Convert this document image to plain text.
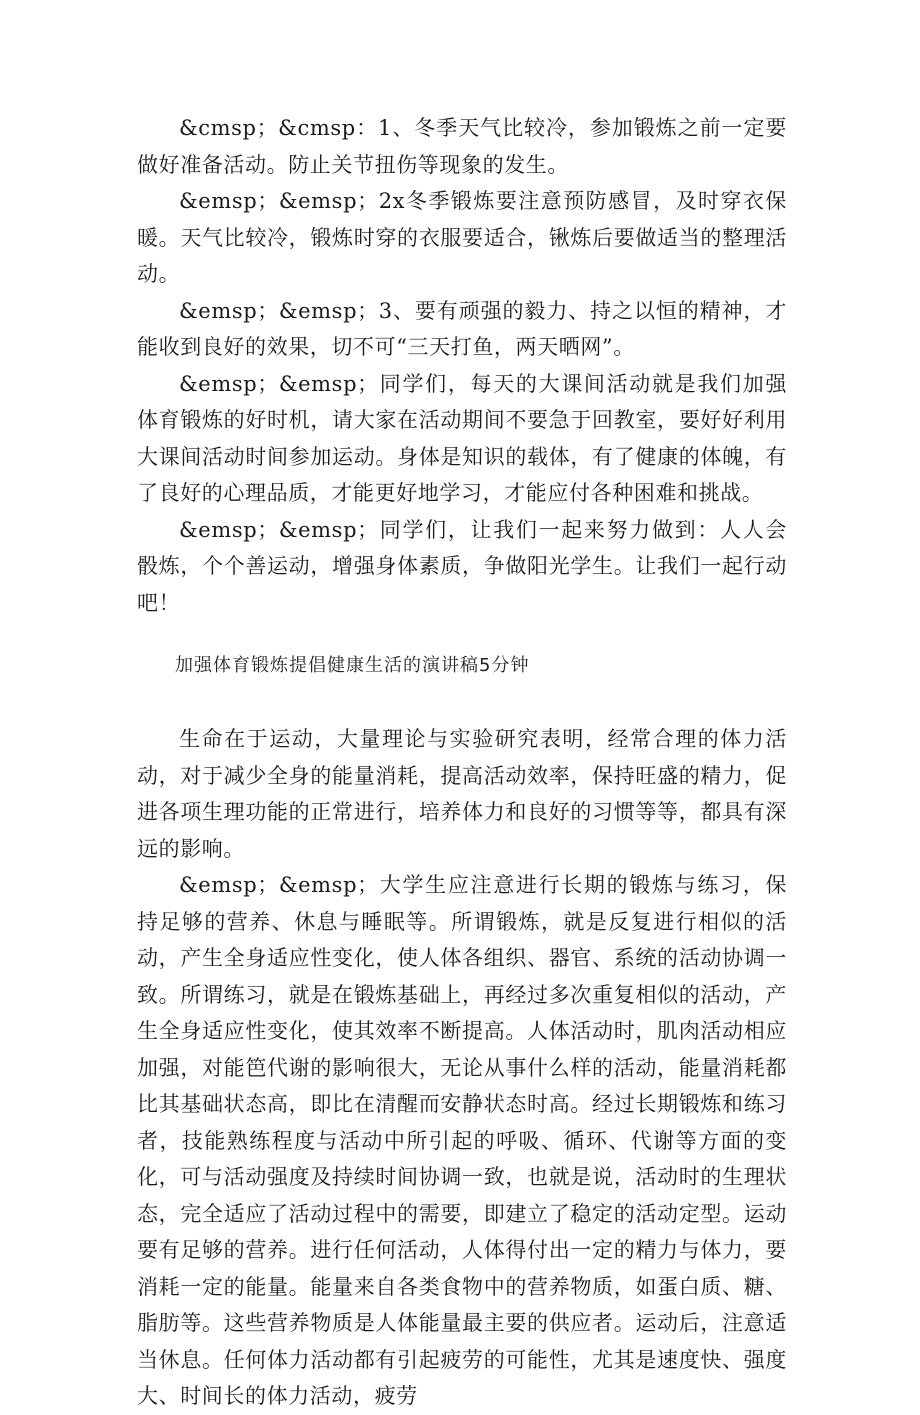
&cmsp；&cmsp：1、冬季天气比较冷，参加锻炼之前一定要做好准备活动。防止关节扭伤等现象的发生。

&emsp；&emsp；2x冬季锻炼要注意预防感冒，及时穿衣保暖。天气比较冷，锻炼时穿的衣服要适合，锹炼后要做适当的整理活动。

&emsp；&emsp；3、要有顽强的毅力、持之以恒的精神，才能收到良好的效果，切不可“三天打鱼，两天晒网”。

&emsp；&emsp；同学们，每天的大课间活动就是我们加强体育锻炼的好时机，请大家在活动期间不要急于回教室，要好好利用大课间活动时间参加运动。身体是知识的载体，有了健康的体魄，有了良好的心理品质，才能更好地学习，才能应付各种困难和挑战。

&emsp；&emsp；同学们，让我们一起来努力做到：人人会骰炼，个个善运动，增强身体素质，争做阳光学生。让我们一起行动吧！

加强体育锻炼提倡健康生活的演讲稿5分钟

生命在于运动，大量理论与实验研究表明，经常合理的体力活动，对于减少全身的能量消耗，提高活动效率，保持旺盛的精力，促进各项生理功能的正常进行，培养体力和良好的习惯等等，都具有深远的影响。

&emsp；&emsp；大学生应注意进行长期的锻炼与练习，保持足够的营养、休息与睡眠等。所谓锻炼，就是反复进行相似的活动，产生全身适应性变化，使人体各组织、器官、系统的活动协调一致。所谓练习，就是在锻炼基础上，再经过多次重复相似的活动，产生全身适应性变化，使其效率不断提高。人体活动时，肌肉活动相应加强，对能笆代谢的影响很大，无论从事什么样的活动，能量消耗都比其基础状态高，即比在清醒而安静状态时高。经过长期锻炼和练习者，技能熟练程度与活动中所引起的呼吸、循环、代谢等方面的变化，可与活动强度及持续时间协调一致，也就是说，活动时的生理状态，完全适应了活动过程中的需要，即建立了稳定的活动定型。运动要有足够的营养。进行任何活动，人体得付出一定的精力与体力，要消耗一定的能量。能量来自各类食物中的营养物质，如蛋白质、糖、脂肪等。这些营养物质是人体能量最主要的供应者。运动后，注意适当休息。任何体力活动都有引起疲劳的可能性，尤其是速度快、强度大、时间长的体力活动，疲劳
